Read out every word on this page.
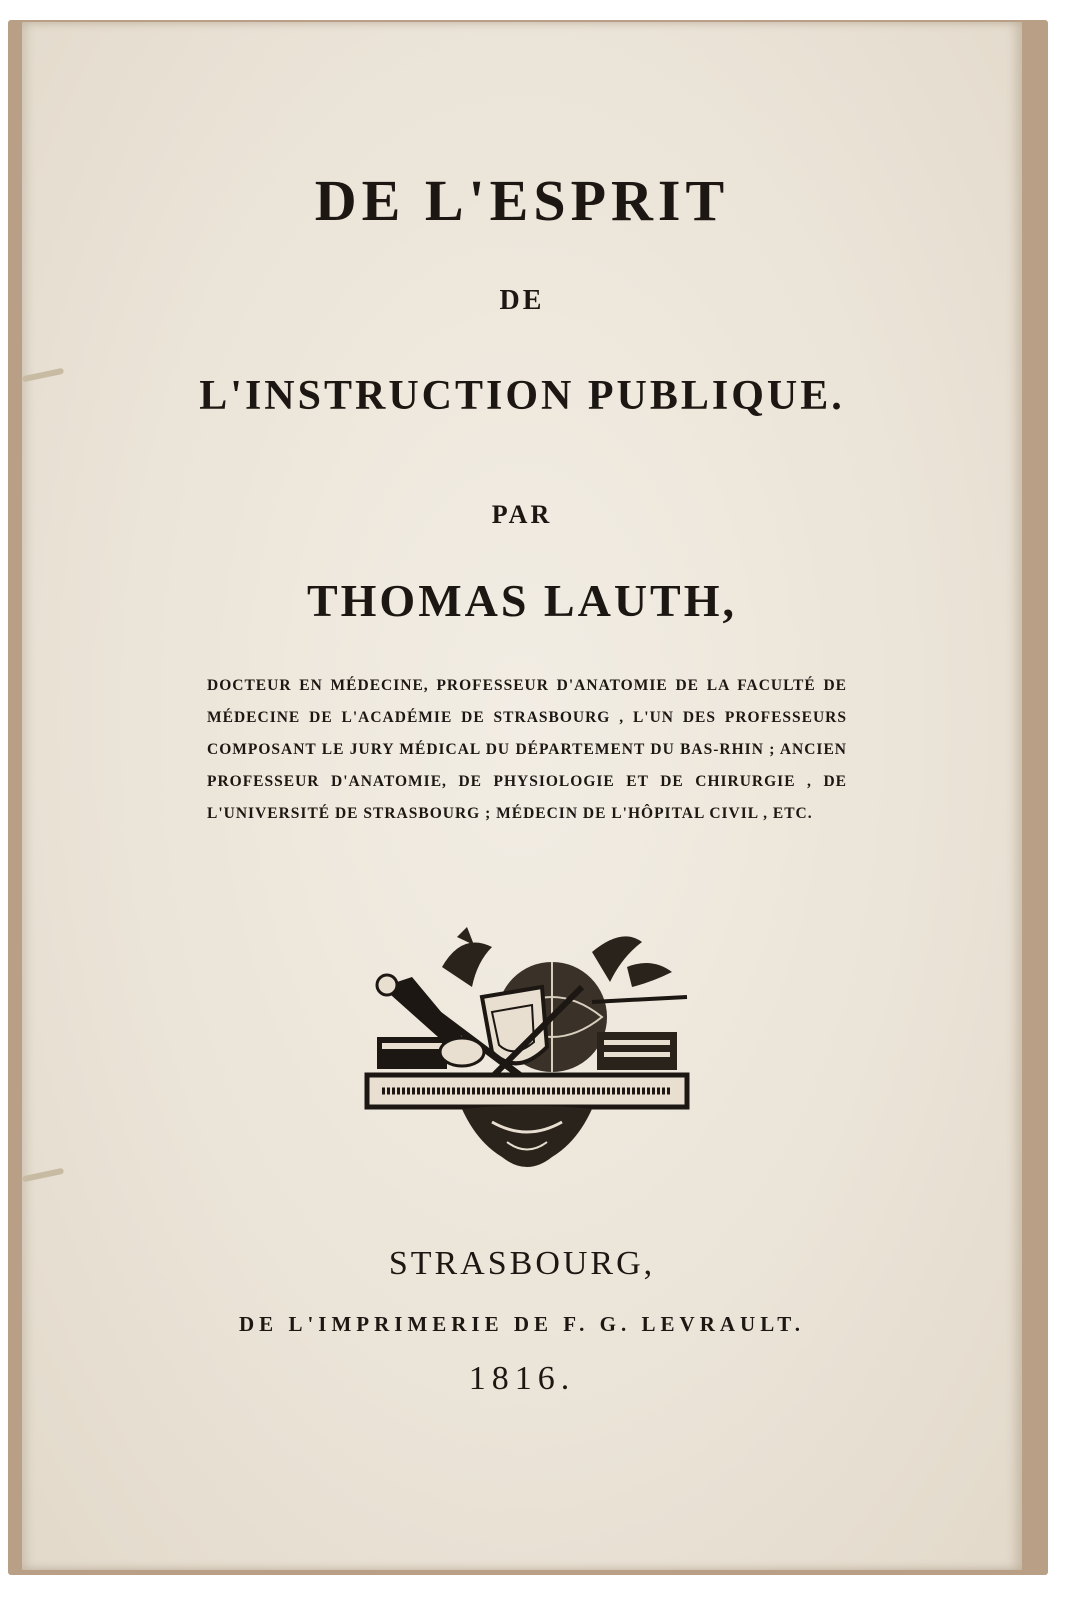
DE L'ESPRIT
DE
L'INSTRUCTION PUBLIQUE.
PAR
THOMAS LAUTH,

DOCTEUR EN MÉDECINE, PROFESSEUR D'ANATOMIE DE LA FACULTÉ DE MÉDECINE DE L'ACADÉMIE DE STRASBOURG , L'UN DES PROFESSEURS COMPOSANT LE JURY MÉDICAL DU DÉPARTEMENT DU BAS-RHIN ; ANCIEN PROFESSEUR D'ANATOMIE, DE PHYSIOLOGIE ET DE CHIRURGIE , DE L'UNIVERSITÉ DE STRASBOURG ; MÉDECIN DE L'HÔPITAL CIVIL , ETC.

STRASBOURG,
DE L'IMPRIMERIE DE F. G. LEVRAULT.
1816.
